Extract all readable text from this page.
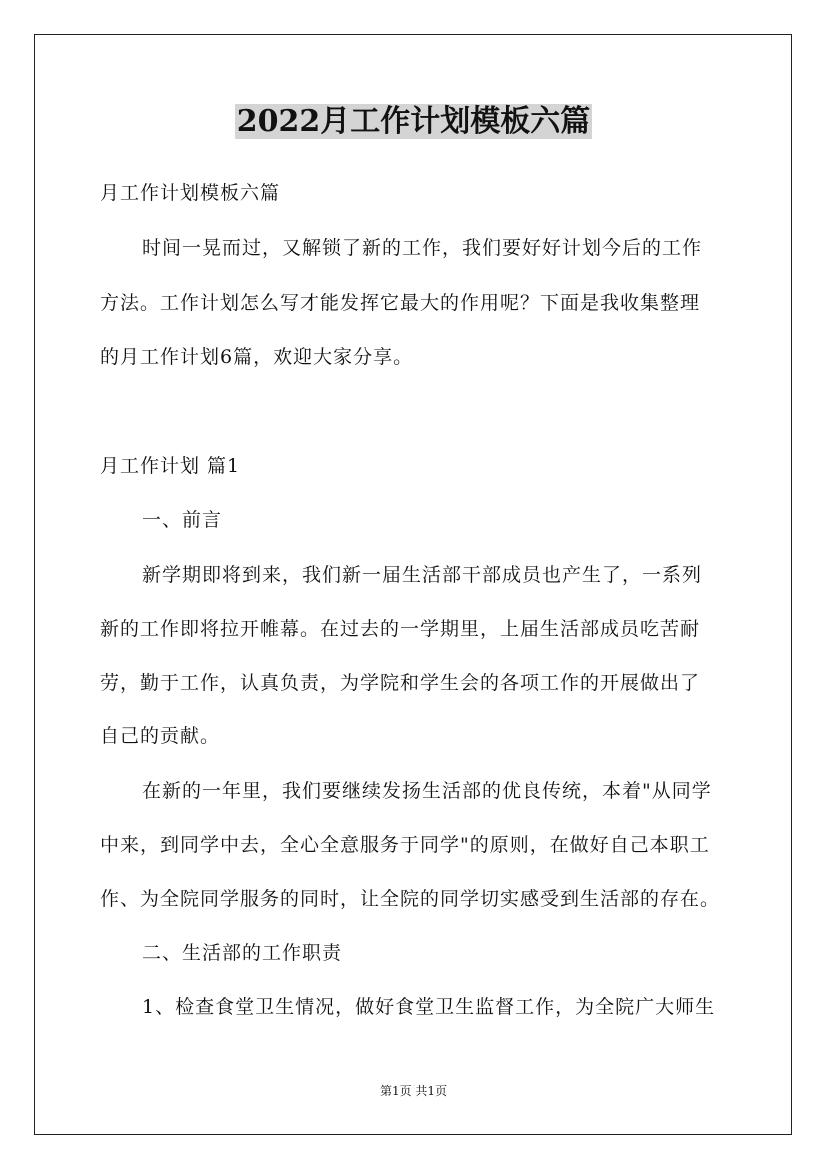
2022月工作计划模板六篇
月工作计划模板六篇
时间一晃而过，又解锁了新的工作，我们要好好计划今后的工作
方法。工作计划怎么写才能发挥它最大的作用呢？下面是我收集整理
的月工作计划6篇，欢迎大家分享。
月工作计划 篇1
一、前言
新学期即将到来，我们新一届生活部干部成员也产生了，一系列
新的工作即将拉开帷幕。在过去的一学期里，上届生活部成员吃苦耐
劳，勤于工作，认真负责，为学院和学生会的各项工作的开展做出了
自己的贡献。
在新的一年里，我们要继续发扬生活部的优良传统，本着"从同学
中来，到同学中去，全心全意服务于同学"的原则，在做好自己本职工
作、为全院同学服务的同时，让全院的同学切实感受到生活部的存在。
二、生活部的工作职责
1、检查食堂卫生情况，做好食堂卫生监督工作，为全院广大师生
第1页 共1页
